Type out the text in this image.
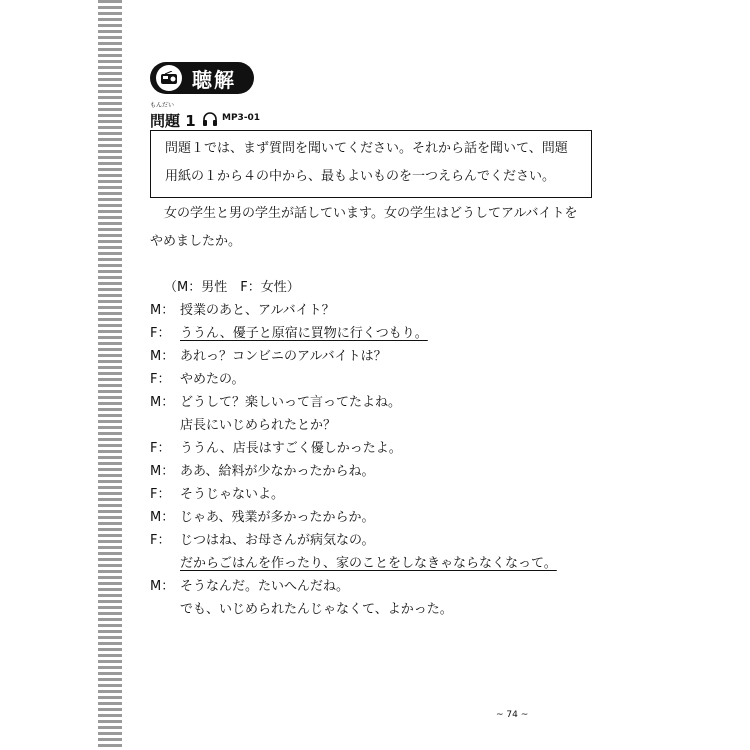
聴解
もんだい
問題 1	MP3-01
問題１では、まず質問を聞いてください。それから話を聞いて、問題
用紙の１から４の中から、最もよいものを一つえらんでください。
女の学生と男の学生が話しています。女の学生はどうしてアルバイトを
やめましたか。
（M：男性　F：女性）
M： 授業のあと、アルバイト？
F： ううん、優子と原宿に買物に行くつもり。
M： あれっ？コンビニのアルバイトは？
F： やめたの。
M： どうして？楽しいって言ってたよね。
店長にいじめられたとか？
F： ううん、店長はすごく優しかったよ。
M： ああ、給料が少なかったからね。
F： そうじゃないよ。
M： じゃあ、残業が多かったからか。
F： じつはね、お母さんが病気なの。
だからごはんを作ったり、家のことをしなきゃならなくなって。
M： そうなんだ。たいへんだね。
でも、いじめられたんじゃなくて、よかった。
~ 74 ~
